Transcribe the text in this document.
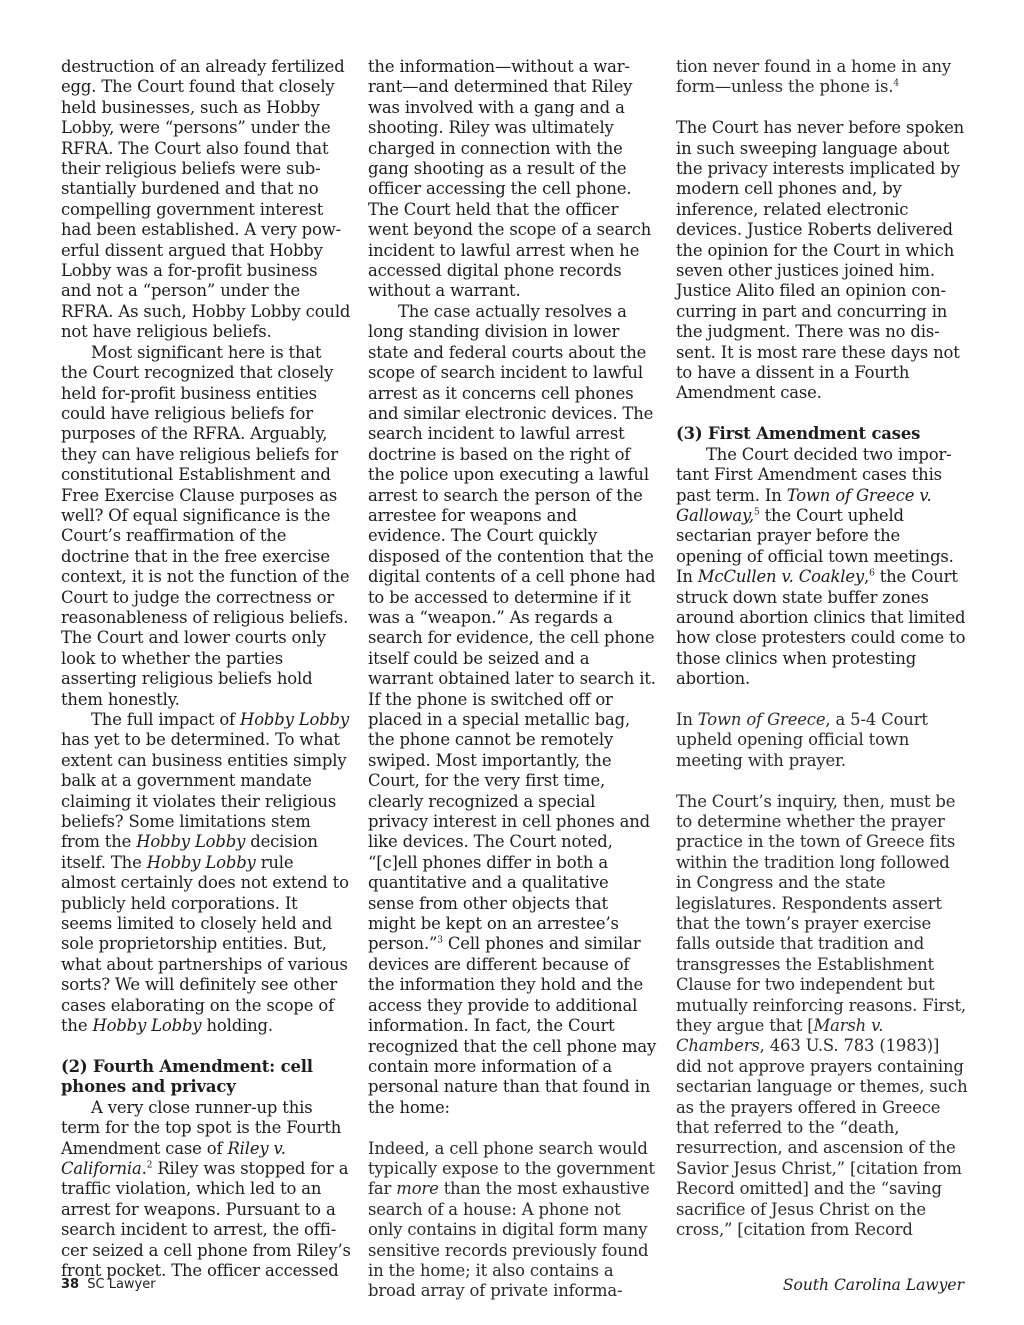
destruction of an already fertilized egg. The Court found that closely held businesses, such as Hobby Lobby, were “persons” under the RFRA. The Court also found that their religious beliefs were substantially burdened and that no compelling government interest had been established. A very powerful dissent argued that Hobby Lobby was a for-profit business and not a “person” under the RFRA. As such, Hobby Lobby could not have religious beliefs.

Most significant here is that the Court recognized that closely held for-profit business entities could have religious beliefs for purposes of the RFRA. Arguably, they can have religious beliefs for constitutional Establishment and Free Exercise Clause purposes as well? Of equal significance is the Court’s reaffirmation of the doctrine that in the free exercise context, it is not the function of the Court to judge the correctness or reasonableness of religious beliefs. The Court and lower courts only look to whether the parties asserting religious beliefs hold them honestly.

The full impact of Hobby Lobby has yet to be determined. To what extent can business entities simply balk at a government mandate claiming it violates their religious beliefs? Some limitations stem from the Hobby Lobby decision itself. The Hobby Lobby rule almost certainly does not extend to publicly held corporations. It seems limited to closely held and sole proprietorship entities. But, what about partnerships of various sorts? We will definitely see other cases elaborating on the scope of the Hobby Lobby holding.

(2) Fourth Amendment: cell phones and privacy

A very close runner-up this term for the top spot is the Fourth Amendment case of Riley v. California.$^2$ Riley was stopped for a traffic violation, which led to an arrest for weapons. Pursuant to a search incident to arrest, the officer seized a cell phone from Riley’s front pocket. The officer accessed

the information—without a warrant—and determined that Riley was involved with a gang and a shooting. Riley was ultimately charged in connection with the gang shooting as a result of the officer accessing the cell phone. The Court held that the officer went beyond the scope of a search incident to lawful arrest when he accessed digital phone records without a warrant.

The case actually resolves a long standing division in lower state and federal courts about the scope of search incident to lawful arrest as it concerns cell phones and similar electronic devices. The search incident to lawful arrest doctrine is based on the right of the police upon executing a lawful arrest to search the person of the arrestee for weapons and evidence. The Court quickly disposed of the contention that the digital contents of a cell phone had to be accessed to determine if it was a “weapon.” As regards a search for evidence, the cell phone itself could be seized and a warrant obtained later to search it. If the phone is switched off or placed in a special metallic bag, the phone cannot be remotely swiped. Most importantly, the Court, for the very first time, clearly recognized a special privacy interest in cell phones and like devices. The Court noted, “[c]ell phones differ in both a quantitative and a qualitative sense from other objects that might be kept on an arrestee’s person.”$^3$ Cell phones and similar devices are different because of the information they hold and the access they provide to additional information. In fact, the Court recognized that the cell phone may contain more information of a personal nature than that found in the home:

Indeed, a cell phone search would typically expose to the government far more than the most exhaustive search of a house: A phone not only contains in digital form many sensitive records previously found in the home; it also contains a broad array of private informa-

tion never found in a home in any form—unless the phone is.$^4$

The Court has never before spoken in such sweeping language about the privacy interests implicated by modern cell phones and, by inference, related electronic devices. Justice Roberts delivered the opinion for the Court in which seven other justices joined him. Justice Alito filed an opinion concurring in part and concurring in the judgment. There was no dissent. It is most rare these days not to have a dissent in a Fourth Amendment case.

(3) First Amendment cases

The Court decided two important First Amendment cases this past term. In Town of Greece v. Galloway,$^5$ the Court upheld sectarian prayer before the opening of official town meetings. In McCullen v. Coakley,$^6$ the Court struck down state buffer zones around abortion clinics that limited how close protesters could come to those clinics when protesting abortion.

In Town of Greece, a 5-4 Court upheld opening official town meeting with prayer.

The Court’s inquiry, then, must be to determine whether the prayer practice in the town of Greece fits within the tradition long followed in Congress and the state legislatures. Respondents assert that the town’s prayer exercise falls outside that tradition and transgresses the Establishment Clause for two independent but mutually reinforcing reasons. First, they argue that [Marsh v. Chambers, 463 U.S. 783 (1983)] did not approve prayers containing sectarian language or themes, such as the prayers offered in Greece that referred to the “death, resurrection, and ascension of the Savior Jesus Christ,” [citation from Record omitted] and the “saving sacrifice of Jesus Christ on the cross,” [citation from Record

38 SC Lawyer	South Carolina Lawyer
